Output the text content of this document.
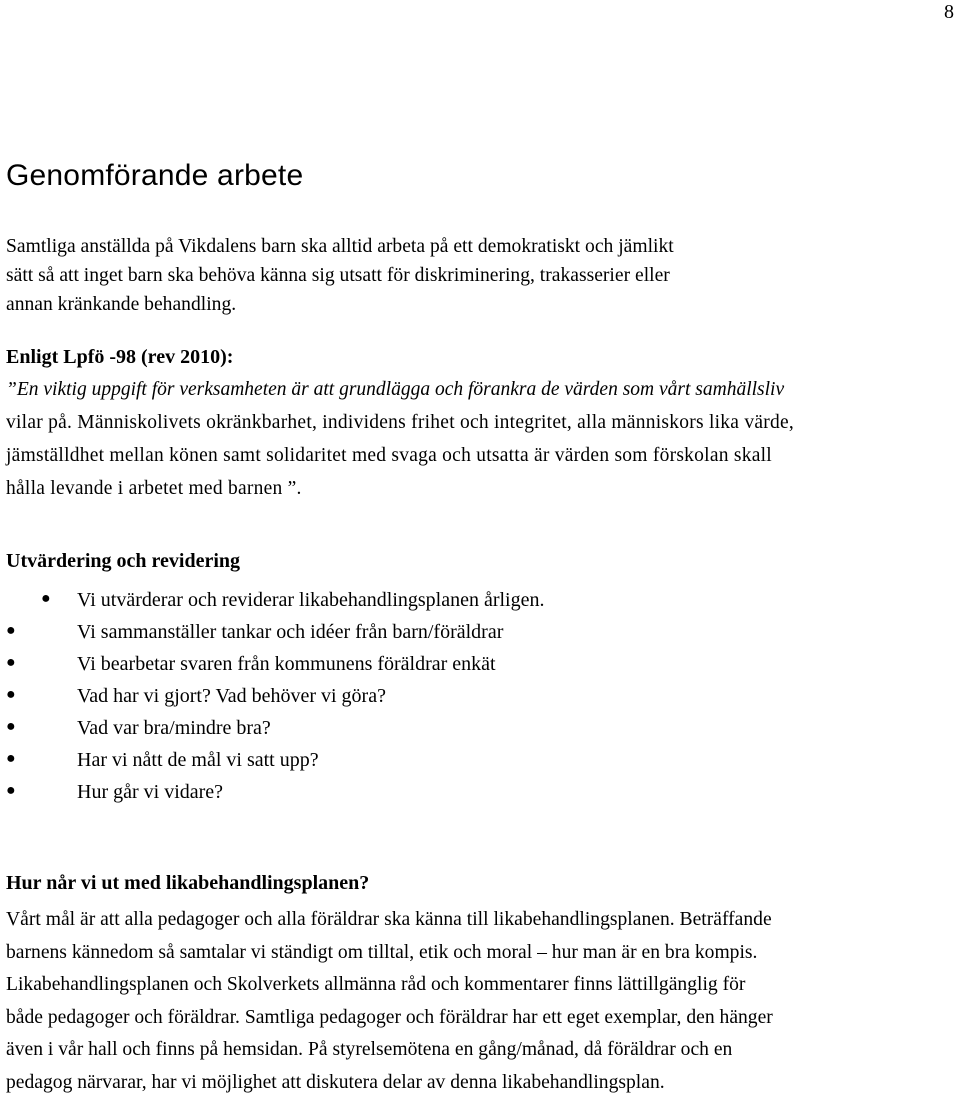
8
Genomförande arbete

Samtliga anställda på Vikdalens barn ska alltid arbeta på ett demokratiskt och jämlikt
sätt så att inget barn ska behöva känna sig utsatt för diskriminering, trakasserier eller
annan kränkande behandling.

Enligt Lpfö -98 (rev 2010):

”En viktig uppgift för verksamheten är att grundlägga och förankra de värden som vårt samhällsliv
vilar på. Människolivets okränkbarhet, individens frihet och integritet, alla människors lika värde,
jämställdhet mellan könen samt solidaritet med svaga och utsatta är värden som förskolan skall
hålla levande i arbetet med barnen ”.

Utvärdering och revidering
● Vi utvärderar och reviderar likabehandlingsplanen årligen.
●	Vi sammanställer tankar och idéer från barn/föräldrar
●	Vi bearbetar svaren från kommunens föräldrar enkät
●	Vad har vi gjort? Vad behöver vi göra?
●	Vad var bra/mindre bra?
●	Har vi nått de mål vi satt upp?
●	Hur går vi vidare?
Hur når vi ut med likabehandlingsplanen?

Vårt mål är att alla pedagoger och alla föräldrar ska känna till likabehandlingsplanen. Beträffande
barnens kännedom så samtalar vi ständigt om tilltal, etik och moral – hur man är en bra kompis.
Likabehandlingsplanen och Skolverkets allmänna råd och kommentarer finns lättillgänglig för
både pedagoger och föräldrar. Samtliga pedagoger och föräldrar har ett eget exemplar, den hänger
även i vår hall och finns på hemsidan. På styrelsemötena en gång/månad, då föräldrar och en
pedagog närvarar, har vi möjlighet att diskutera delar av denna likabehandlingsplan.
